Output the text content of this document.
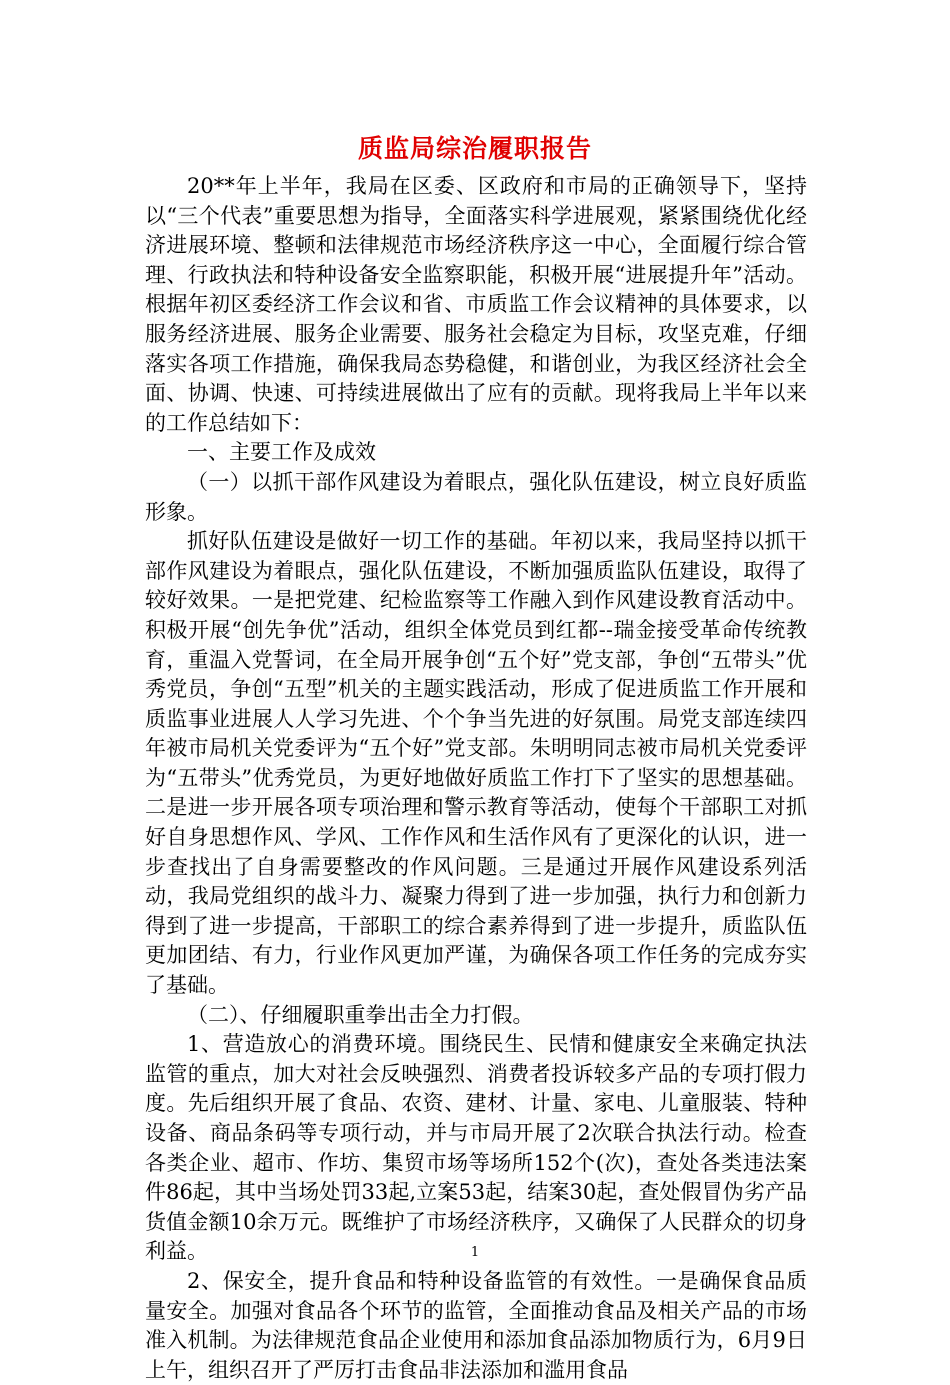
质监局综治履职报告

20**年上半年，我局在区委、区政府和市局的正确领导下，坚持以“三个代表”重要思想为指导，全面落实科学进展观，紧紧围绕优化经济进展环境、整顿和法律规范市场经济秩序这一中心，全面履行综合管理、行政执法和特种设备安全监察职能，积极开展“进展提升年”活动。根据年初区委经济工作会议和省、市质监工作会议精神的具体要求，以服务经济进展、服务企业需要、服务社会稳定为目标，攻坚克难，仔细落实各项工作措施，确保我局态势稳健，和谐创业，为我区经济社会全面、协调、快速、可持续进展做出了应有的贡献。现将我局上半年以来的工作总结如下：

一、主要工作及成效

（一）以抓干部作风建设为着眼点，强化队伍建设，树立良好质监形象。

抓好队伍建设是做好一切工作的基础。年初以来，我局坚持以抓干部作风建设为着眼点，强化队伍建设，不断加强质监队伍建设，取得了较好效果。一是把党建、纪检监察等工作融入到作风建设教育活动中。积极开展“创先争优”活动，组织全体党员到红都--瑞金接受革命传统教育，重温入党誓词，在全局开展争创“五个好”党支部，争创“五带头”优秀党员，争创“五型”机关的主题实践活动，形成了促进质监工作开展和质监事业进展人人学习先进、个个争当先进的好氛围。局党支部连续四年被市局机关党委评为“五个好”党支部。朱明明同志被市局机关党委评为“五带头”优秀党员，为更好地做好质监工作打下了坚实的思想基础。二是进一步开展各项专项治理和警示教育等活动，使每个干部职工对抓好自身思想作风、学风、工作作风和生活作风有了更深化的认识，进一步查找出了自身需要整改的作风问题。三是通过开展作风建设系列活动，我局党组织的战斗力、凝聚力得到了进一步加强，执行力和创新力得到了进一步提高，干部职工的综合素养得到了进一步提升，质监队伍更加团结、有力，行业作风更加严谨，为确保各项工作任务的完成夯实了基础。

（二）、仔细履职重拳出击全力打假。

1、营造放心的消费环境。围绕民生、民情和健康安全来确定执法监管的重点，加大对社会反映强烈、消费者投诉较多产品的专项打假力度。先后组织开展了食品、农资、建材、计量、家电、儿童服装、特种设备、商品条码等专项行动，并与市局开展了2次联合执法行动。检查各类企业、超市、作坊、集贸市场等场所152个(次)，查处各类违法案件86起，其中当场处罚33起,立案53起，结案30起，查处假冒伪劣产品货值金额10余万元。既维护了市场经济秩序，又确保了人民群众的切身利益。

2、保安全，提升食品和特种设备监管的有效性。一是确保食品质量安全。加强对食品各个环节的监管，全面推动食品及相关产品的市场准入机制。为法律规范食品企业使用和添加食品添加物质行为，6月9日上午，组织召开了严厉打击食品非法添加和滥用食品

1
